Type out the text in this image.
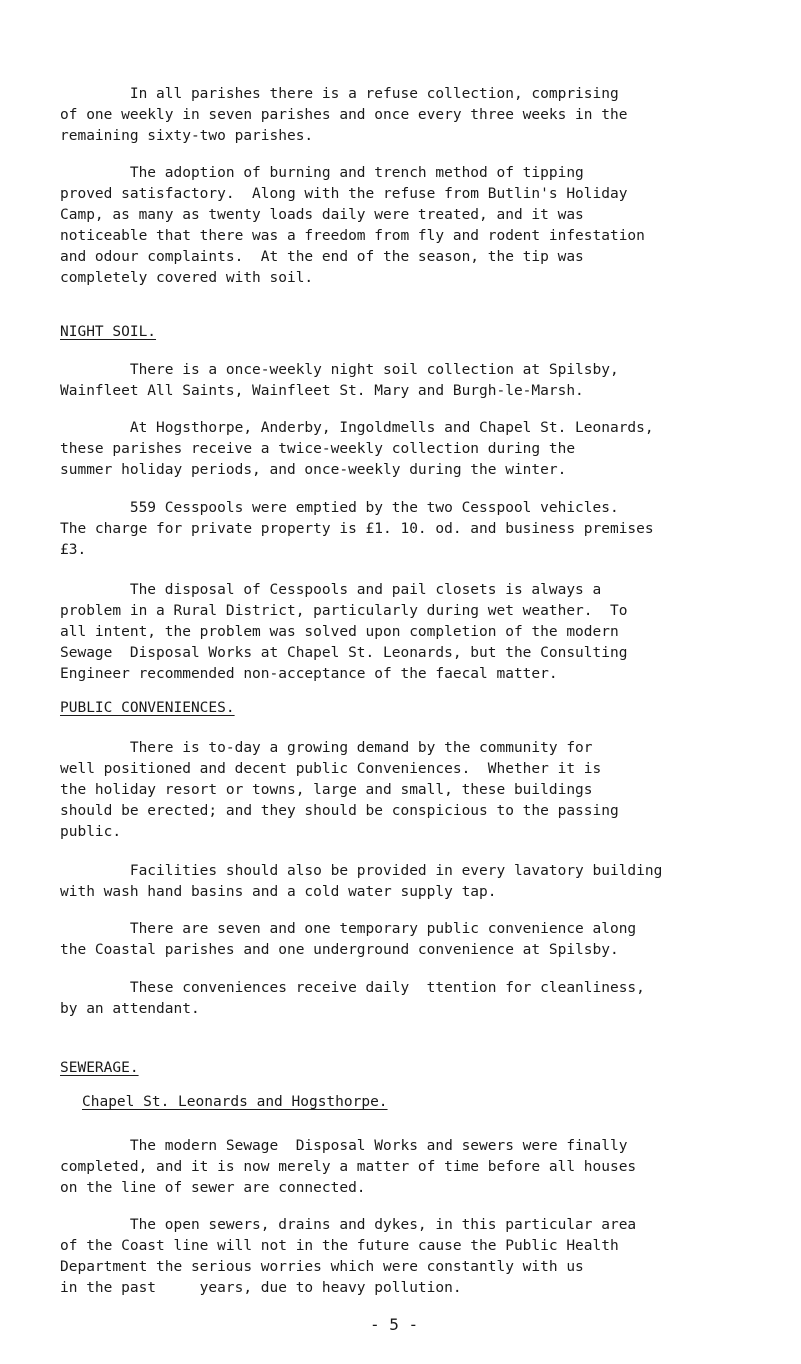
In all parishes there is a refuse collection, comprising
of one weekly in seven parishes and once every three weeks in the
remaining sixty-two parishes.

The adoption of burning and trench method of tipping
proved satisfactory.  Along with the refuse from Butlin's Holiday
Camp, as many as twenty loads daily were treated, and it was
noticeable that there was a freedom from fly and rodent infestation
and odour complaints.  At the end of the season, the tip was
completely covered with soil.

NIGHT SOIL.

There is a once-weekly night soil collection at Spilsby,
Wainfleet All Saints, Wainfleet St. Mary and Burgh-le-Marsh.

At Hogsthorpe, Anderby, Ingoldmells and Chapel St. Leonards,
these parishes receive a twice-weekly collection during the
summer holiday periods, and once-weekly during the winter.

559 Cesspools were emptied by the two Cesspool vehicles.
The charge for private property is £1. 10. od. and business premises
£3.

The disposal of Cesspools and pail closets is always a
problem in a Rural District, particularly during wet weather.  To
all intent, the problem was solved upon completion of the modern
Sewage  Disposal Works at Chapel St. Leonards, but the Consulting
Engineer recommended non-acceptance of the faecal matter.

PUBLIC CONVENIENCES.

There is to-day a growing demand by the community for
well positioned and decent public Conveniences.  Whether it is
the holiday resort or towns, large and small, these buildings
should be erected; and they should be conspicious to the passing
public.

Facilities should also be provided in every lavatory building
with wash hand basins and a cold water supply tap.

There are seven and one temporary public convenience along
the Coastal parishes and one underground convenience at Spilsby.

These conveniences receive daily  ttention for cleanliness,
by an attendant.

SEWERAGE.

Chapel St. Leonards and Hogsthorpe.

The modern Sewage  Disposal Works and sewers were finally
completed, and it is now merely a matter of time before all houses
on the line of sewer are connected.

The open sewers, drains and dykes, in this particular area
of the Coast line will not in the future cause the Public Health
Department the serious worries which were constantly with us
in the past     years, due to heavy pollution.

- 5 -
